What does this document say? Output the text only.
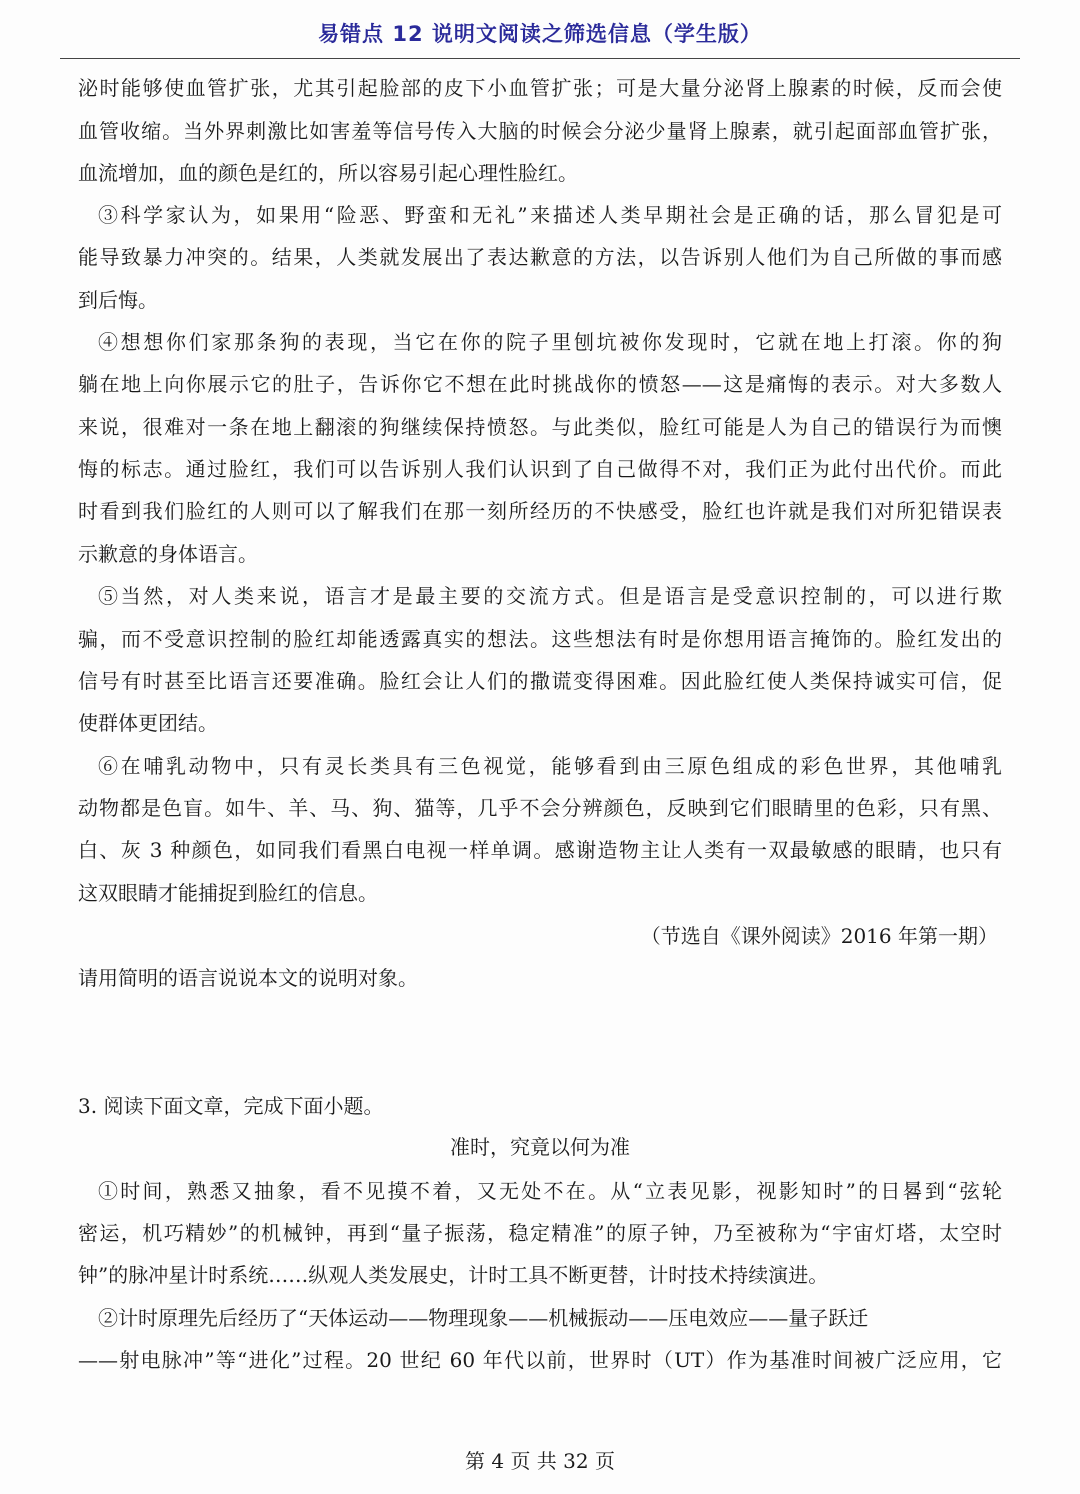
易错点 12 说明文阅读之筛选信息（学生版）
泌时能够使血管扩张，尤其引起脸部的皮下小血管扩张；可是大量分泌肾上腺素的时候，反而会使
血管收缩。当外界刺激比如害羞等信号传入大脑的时候会分泌少量肾上腺素，就引起面部血管扩张，
血流增加，血的颜色是红的，所以容易引起心理性脸红。
③科学家认为，如果用“险恶、野蛮和无礼”来描述人类早期社会是正确的话，那么冒犯是可
能导致暴力冲突的。结果，人类就发展出了表达歉意的方法，以告诉别人他们为自己所做的事而感
到后悔。
④想想你们家那条狗的表现，当它在你的院子里刨坑被你发现时，它就在地上打滚。你的狗
躺在地上向你展示它的肚子，告诉你它不想在此时挑战你的愤怒——这是痛悔的表示。对大多数人
来说，很难对一条在地上翻滚的狗继续保持愤怒。与此类似，脸红可能是人为自己的错误行为而懊
悔的标志。通过脸红，我们可以告诉别人我们认识到了自己做得不对，我们正为此付出代价。而此
时看到我们脸红的人则可以了解我们在那一刻所经历的不快感受，脸红也许就是我们对所犯错误表
示歉意的身体语言。
⑤当然，对人类来说，语言才是最主要的交流方式。但是语言是受意识控制的，可以进行欺
骗，而不受意识控制的脸红却能透露真实的想法。这些想法有时是你想用语言掩饰的。脸红发出的
信号有时甚至比语言还要准确。脸红会让人们的撒谎变得困难。因此脸红使人类保持诚实可信，促
使群体更团结。
⑥在哺乳动物中，只有灵长类具有三色视觉，能够看到由三原色组成的彩色世界，其他哺乳
动物都是色盲。如牛、羊、马、狗、猫等，几乎不会分辨颜色，反映到它们眼睛里的色彩，只有黑、
白、灰 3 种颜色，如同我们看黑白电视一样单调。感谢造物主让人类有一双最敏感的眼睛，也只有
这双眼睛才能捕捉到脸红的信息。
（节选自《课外阅读》2016 年第一期）
请用简明的语言说说本文的说明对象。
3. 阅读下面文章，完成下面小题。
准时，究竟以何为准
①时间，熟悉又抽象，看不见摸不着，又无处不在。从“立表见影，视影知时”的日晷到“弦轮
密运，机巧精妙”的机械钟，再到“量子振荡，稳定精准”的原子钟，乃至被称为“宇宙灯塔，太空时
钟”的脉冲星计时系统……纵观人类发展史，计时工具不断更替，计时技术持续演进。
②计时原理先后经历了“天体运动——物理现象——机械振动——压电效应——量子跃迁
——射电脉冲”等“进化”过程。20 世纪 60 年代以前，世界时（UT）作为基准时间被广泛应用，它
第 4 页 共 32 页
